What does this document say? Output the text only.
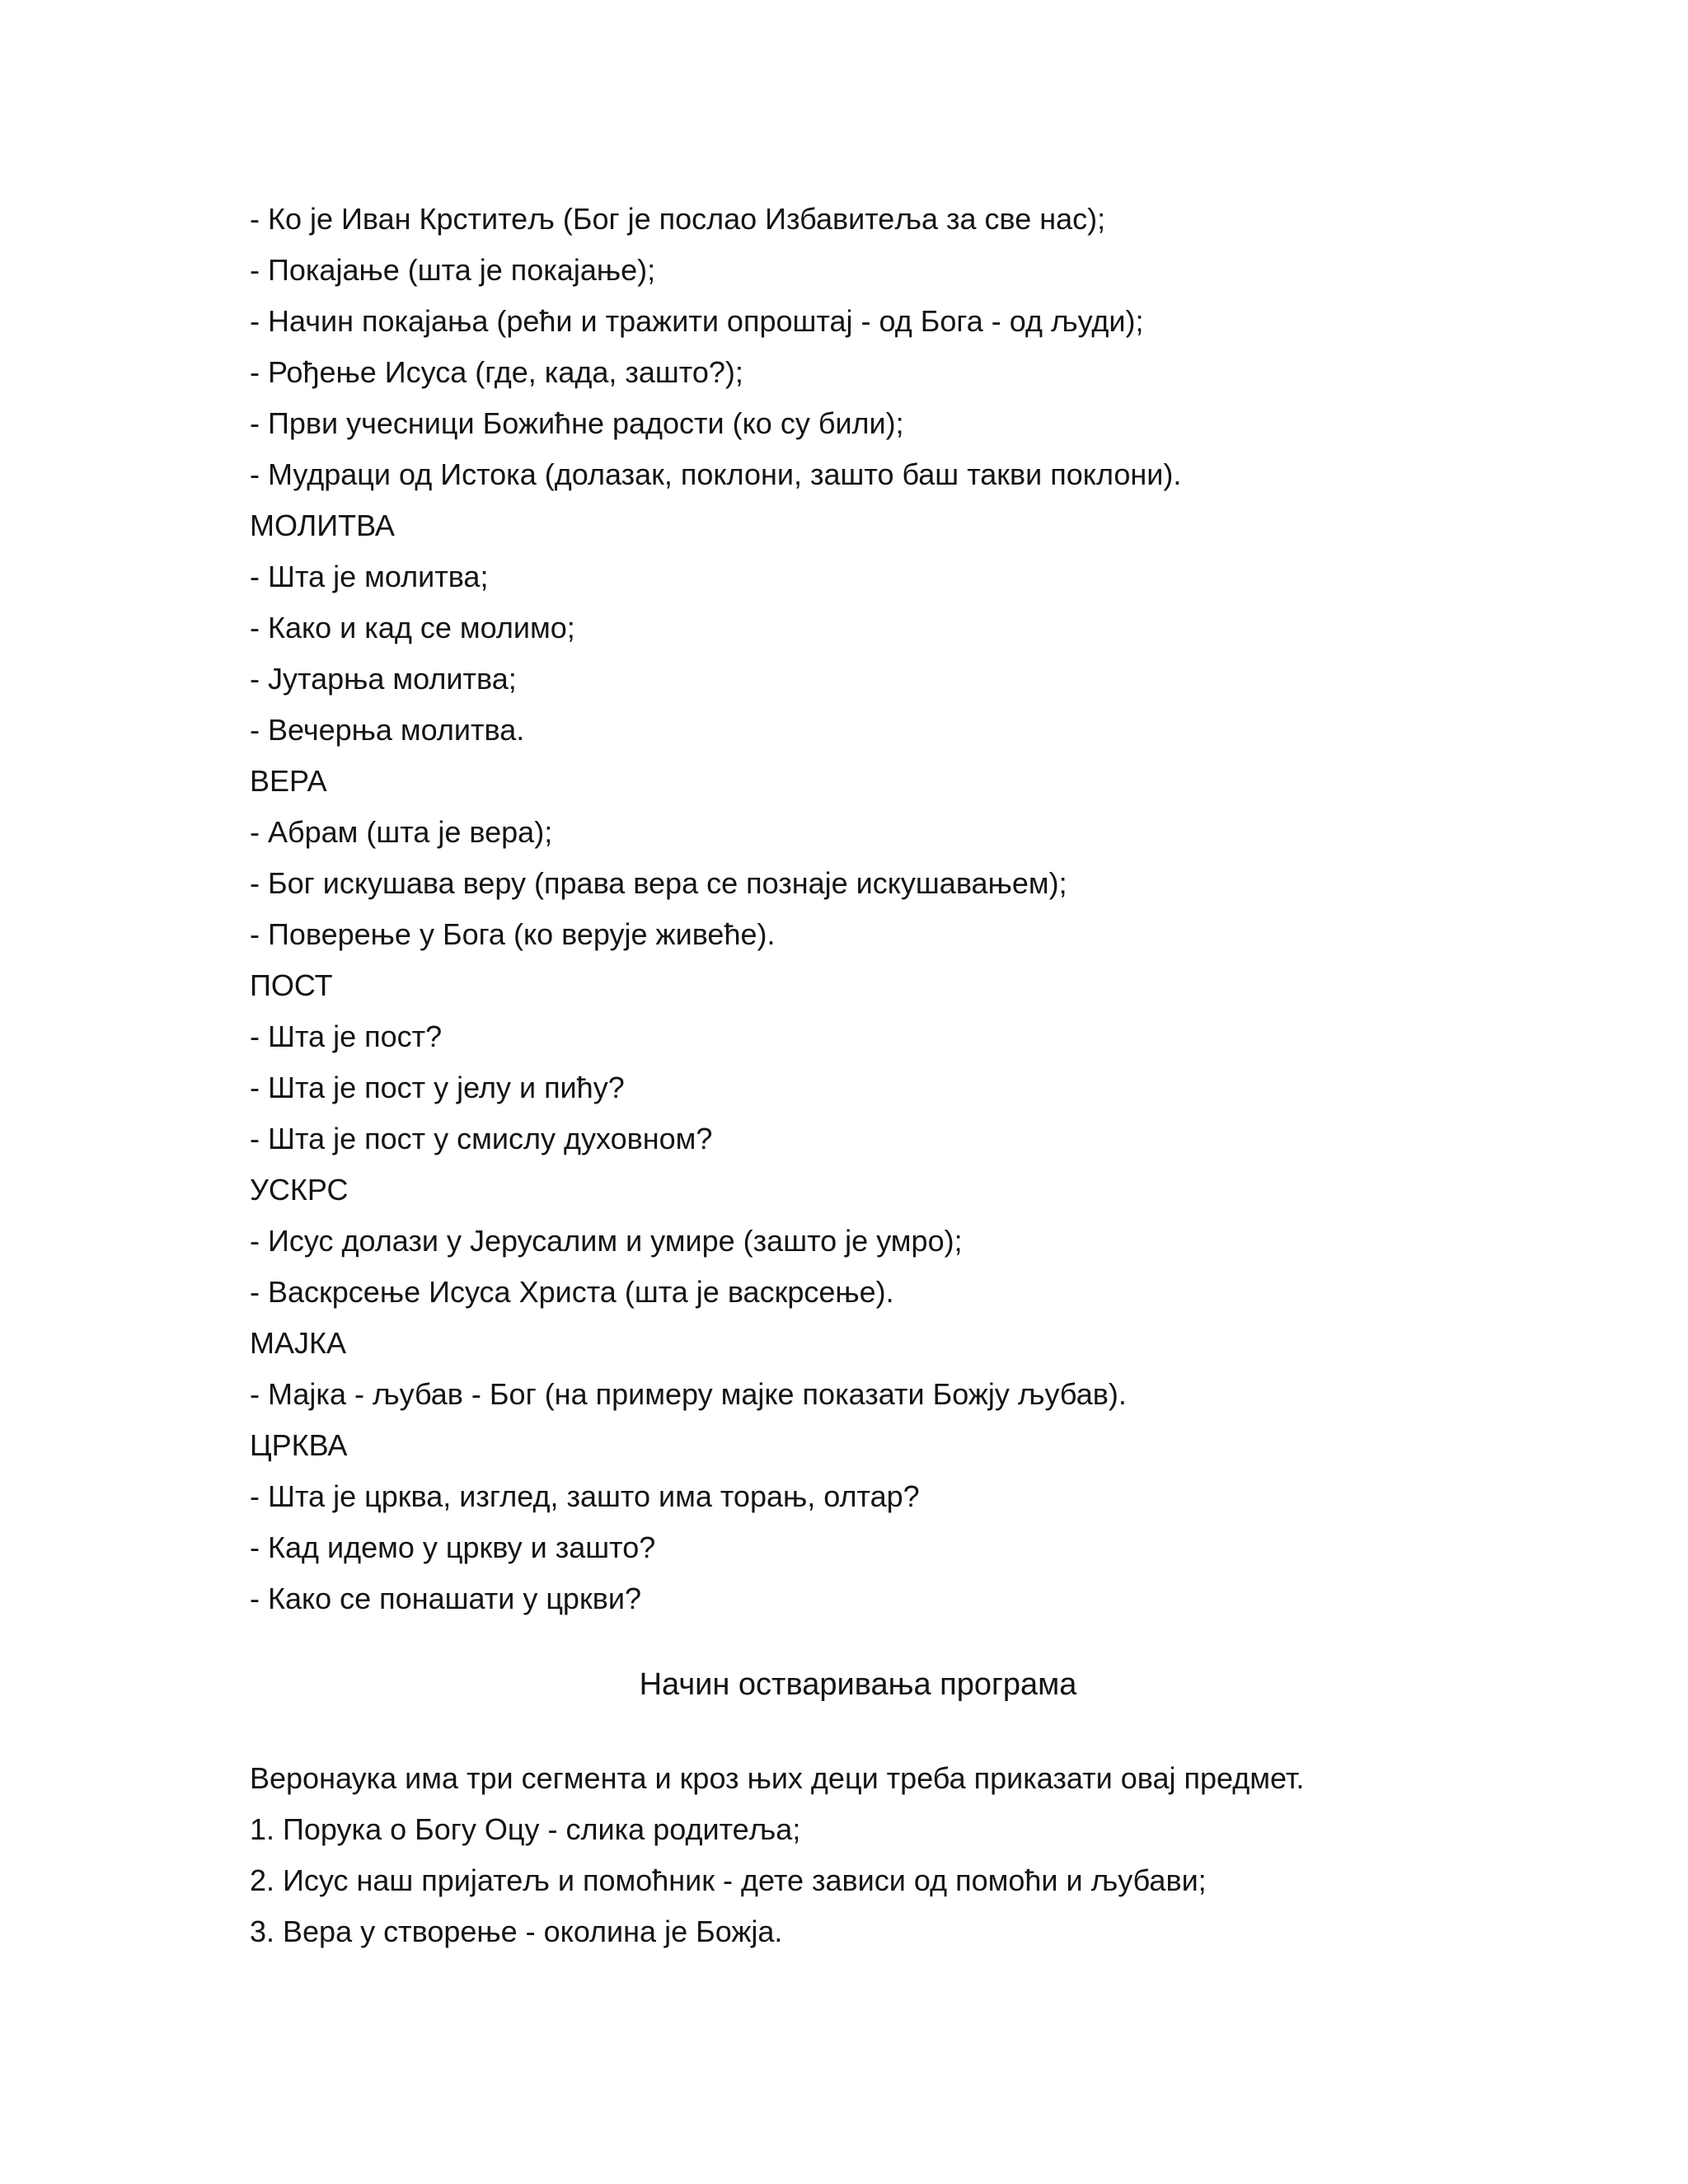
- Ко је Иван Крститељ (Бог је послао Избавитеља за све нас);

- Покајање (шта је покајање);

- Начин покајања (рећи и тражити опроштај - од Бога - од људи);

- Рођење Исуса (где, када, зашто?);

- Први учесници Божићне радости (ко су били);

- Мудраци од Истока (долазак, поклони, зашто баш такви поклони).

МОЛИТВА

- Шта је молитва;

- Како и кад се молимо;

- Јутарња молитва;

- Вечерња молитва.

ВЕРА

- Абрам (шта је вера);

- Бог искушава веру (права вера се познаје искушавањем);

- Поверење у Бога (ко верује живеће).

ПОСТ

- Шта је пост?

- Шта је пост у јелу и пићу?

- Шта је пост у смислу духовном?

УСКРС

- Исус долази у Јерусалим и умире (зашто је умро);

- Васкрсење Исуса Христа (шта је васкрсење).

МАЈКА

- Мајка - љубав - Бог (на примеру мајке показати Божју љубав).

ЦРКВА

- Шта је црква, изглед, зашто има торањ, олтар?

- Кад идемо у цркву и зашто?

- Како се понашати у цркви?

Начин остваривања програма

Веронаука има три сегмента и кроз њих деци треба приказати овај предмет.

1. Порука о Богу Оцу - слика родитеља;

2. Исус наш пријатељ и помоћник - дете зависи од помоћи и љубави;

3. Вера у створење - околина је Божја.
